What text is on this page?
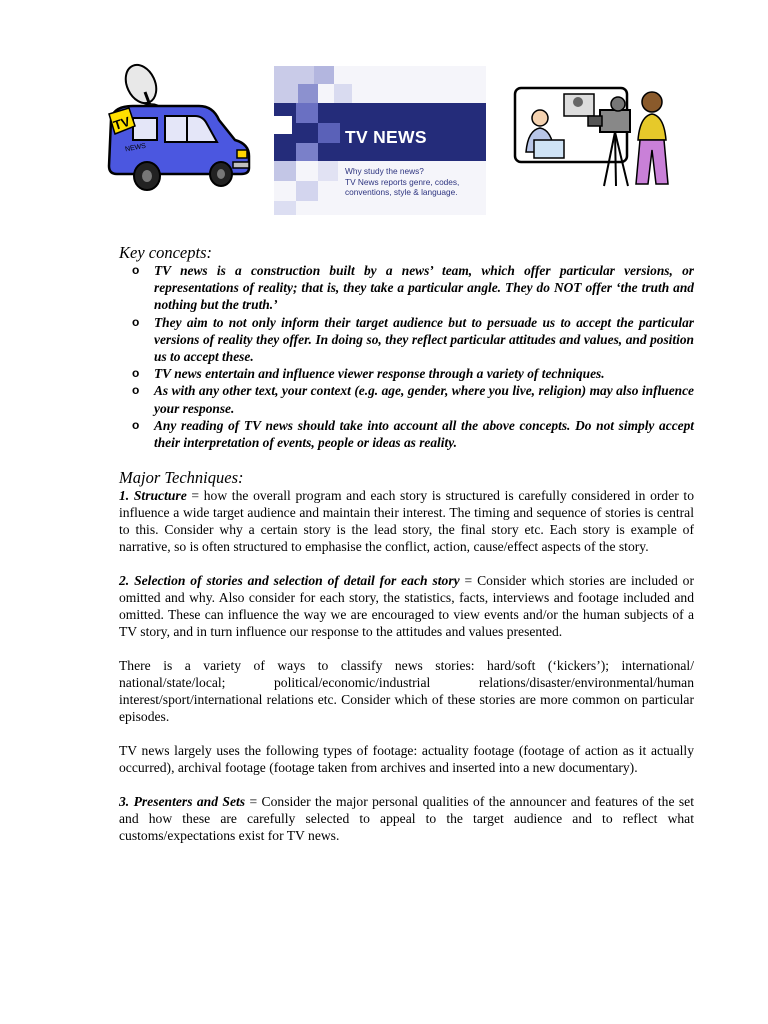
TV
NEWS
TV NEWS
Why study the news?
TV News reports genre, codes,
conventions, style & language.
Key concepts:
o TV news is a construction built by a news’ team, which offer particular versions, or representations of reality; that is, they take a particular angle. They do NOT offer ‘the truth and nothing but the truth.’
o They aim to not only inform their target audience but to persuade us to accept the particular versions of reality they offer. In doing so, they reflect particular attitudes and values, and position us to accept these.
o TV news entertain and influence viewer response through a variety of techniques.
o As with any other text, your context (e.g. age, gender, where you live, religion) may also influence your response.
o Any reading of TV news should take into account all the above concepts. Do not simply accept their interpretation of events, people or ideas as reality.
Major Techniques:

1. Structure = how the overall program and each story is structured is carefully considered in order to influence a wide target audience and maintain their interest. The timing and sequence of stories is central to this. Consider why a certain story is the lead story, the final story etc. Each story is example of narrative, so is often structured to emphasise the conflict, action, cause/effect aspects of the story.

2. Selection of stories and selection of detail for each story = Consider which stories are included or omitted and why. Also consider for each story, the statistics, facts, interviews and footage included and omitted. These can influence the way we are encouraged to view events and/or the human subjects of a TV story, and in turn influence our response to the attitudes and values presented.

There is a variety of ways to classify news stories: hard/soft (‘kickers’); international/ national/state/local; political/economic/industrial relations/disaster/environmental/human interest/sport/international relations etc. Consider which of these stories are more common on particular episodes.

TV news largely uses the following types of footage: actuality footage (footage of action as it actually occurred), archival footage (footage taken from archives and inserted into a new documentary).

3. Presenters and Sets = Consider the major personal qualities of the announcer and features of the set and how these are carefully selected to appeal to the target audience and to reflect what customs/expectations exist for TV news.
